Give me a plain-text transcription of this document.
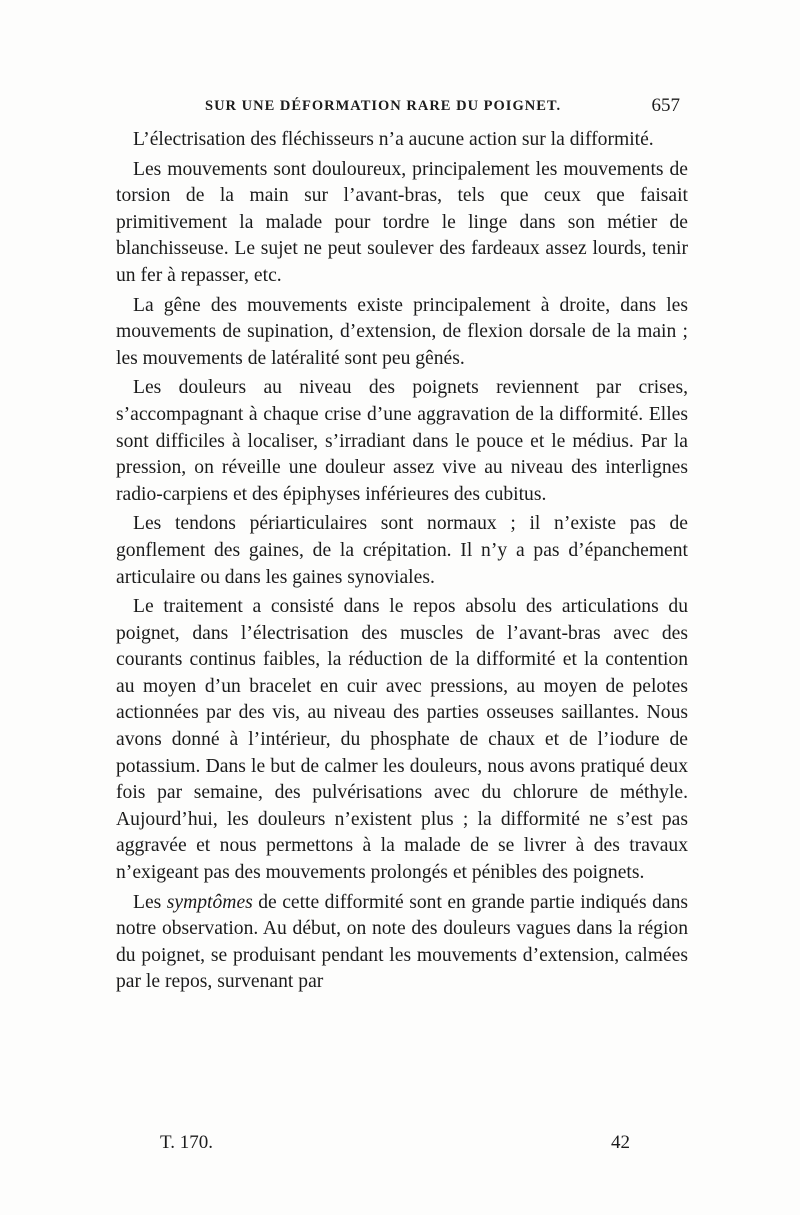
SUR UNE DÉFORMATION RARE DU POIGNET.	657

L’électrisation des fléchisseurs n’a aucune action sur la difformité.

Les mouvements sont douloureux, principalement les mouvements de torsion de la main sur l’avant-bras, tels que ceux que faisait primitivement la malade pour tordre le linge dans son métier de blanchisseuse. Le sujet ne peut soulever des fardeaux assez lourds, tenir un fer à repasser, etc.

La gêne des mouvements existe principalement à droite, dans les mouvements de supination, d’extension, de flexion dorsale de la main ; les mouvements de latéralité sont peu gênés.

Les douleurs au niveau des poignets reviennent par crises, s’accompagnant à chaque crise d’une aggravation de la difformité. Elles sont difficiles à localiser, s’irradiant dans le pouce et le médius. Par la pression, on réveille une douleur assez vive au niveau des interlignes radio-carpiens et des épiphyses inférieures des cubitus.

Les tendons périarticulaires sont normaux ; il n’existe pas de gonflement des gaines, de la crépitation. Il n’y a pas d’épanchement articulaire ou dans les gaines synoviales.

Le traitement a consisté dans le repos absolu des articulations du poignet, dans l’électrisation des muscles de l’avant-bras avec des courants continus faibles, la réduction de la difformité et la contention au moyen d’un bracelet en cuir avec pressions, au moyen de pelotes actionnées par des vis, au niveau des parties osseuses saillantes. Nous avons donné à l’intérieur, du phosphate de chaux et de l’iodure de potassium. Dans le but de calmer les douleurs, nous avons pratiqué deux fois par semaine, des pulvérisations avec du chlorure de méthyle. Aujourd’hui, les douleurs n’existent plus ; la difformité ne s’est pas aggravée et nous permettons à la malade de se livrer à des travaux n’exigeant pas des mouvements prolongés et pénibles des poignets.

Les symptômes de cette difformité sont en grande partie indiqués dans notre observation. Au début, on note des douleurs vagues dans la région du poignet, se produisant pendant les mouvements d’extension, calmées par le repos, survenant par

T. 170.	42
